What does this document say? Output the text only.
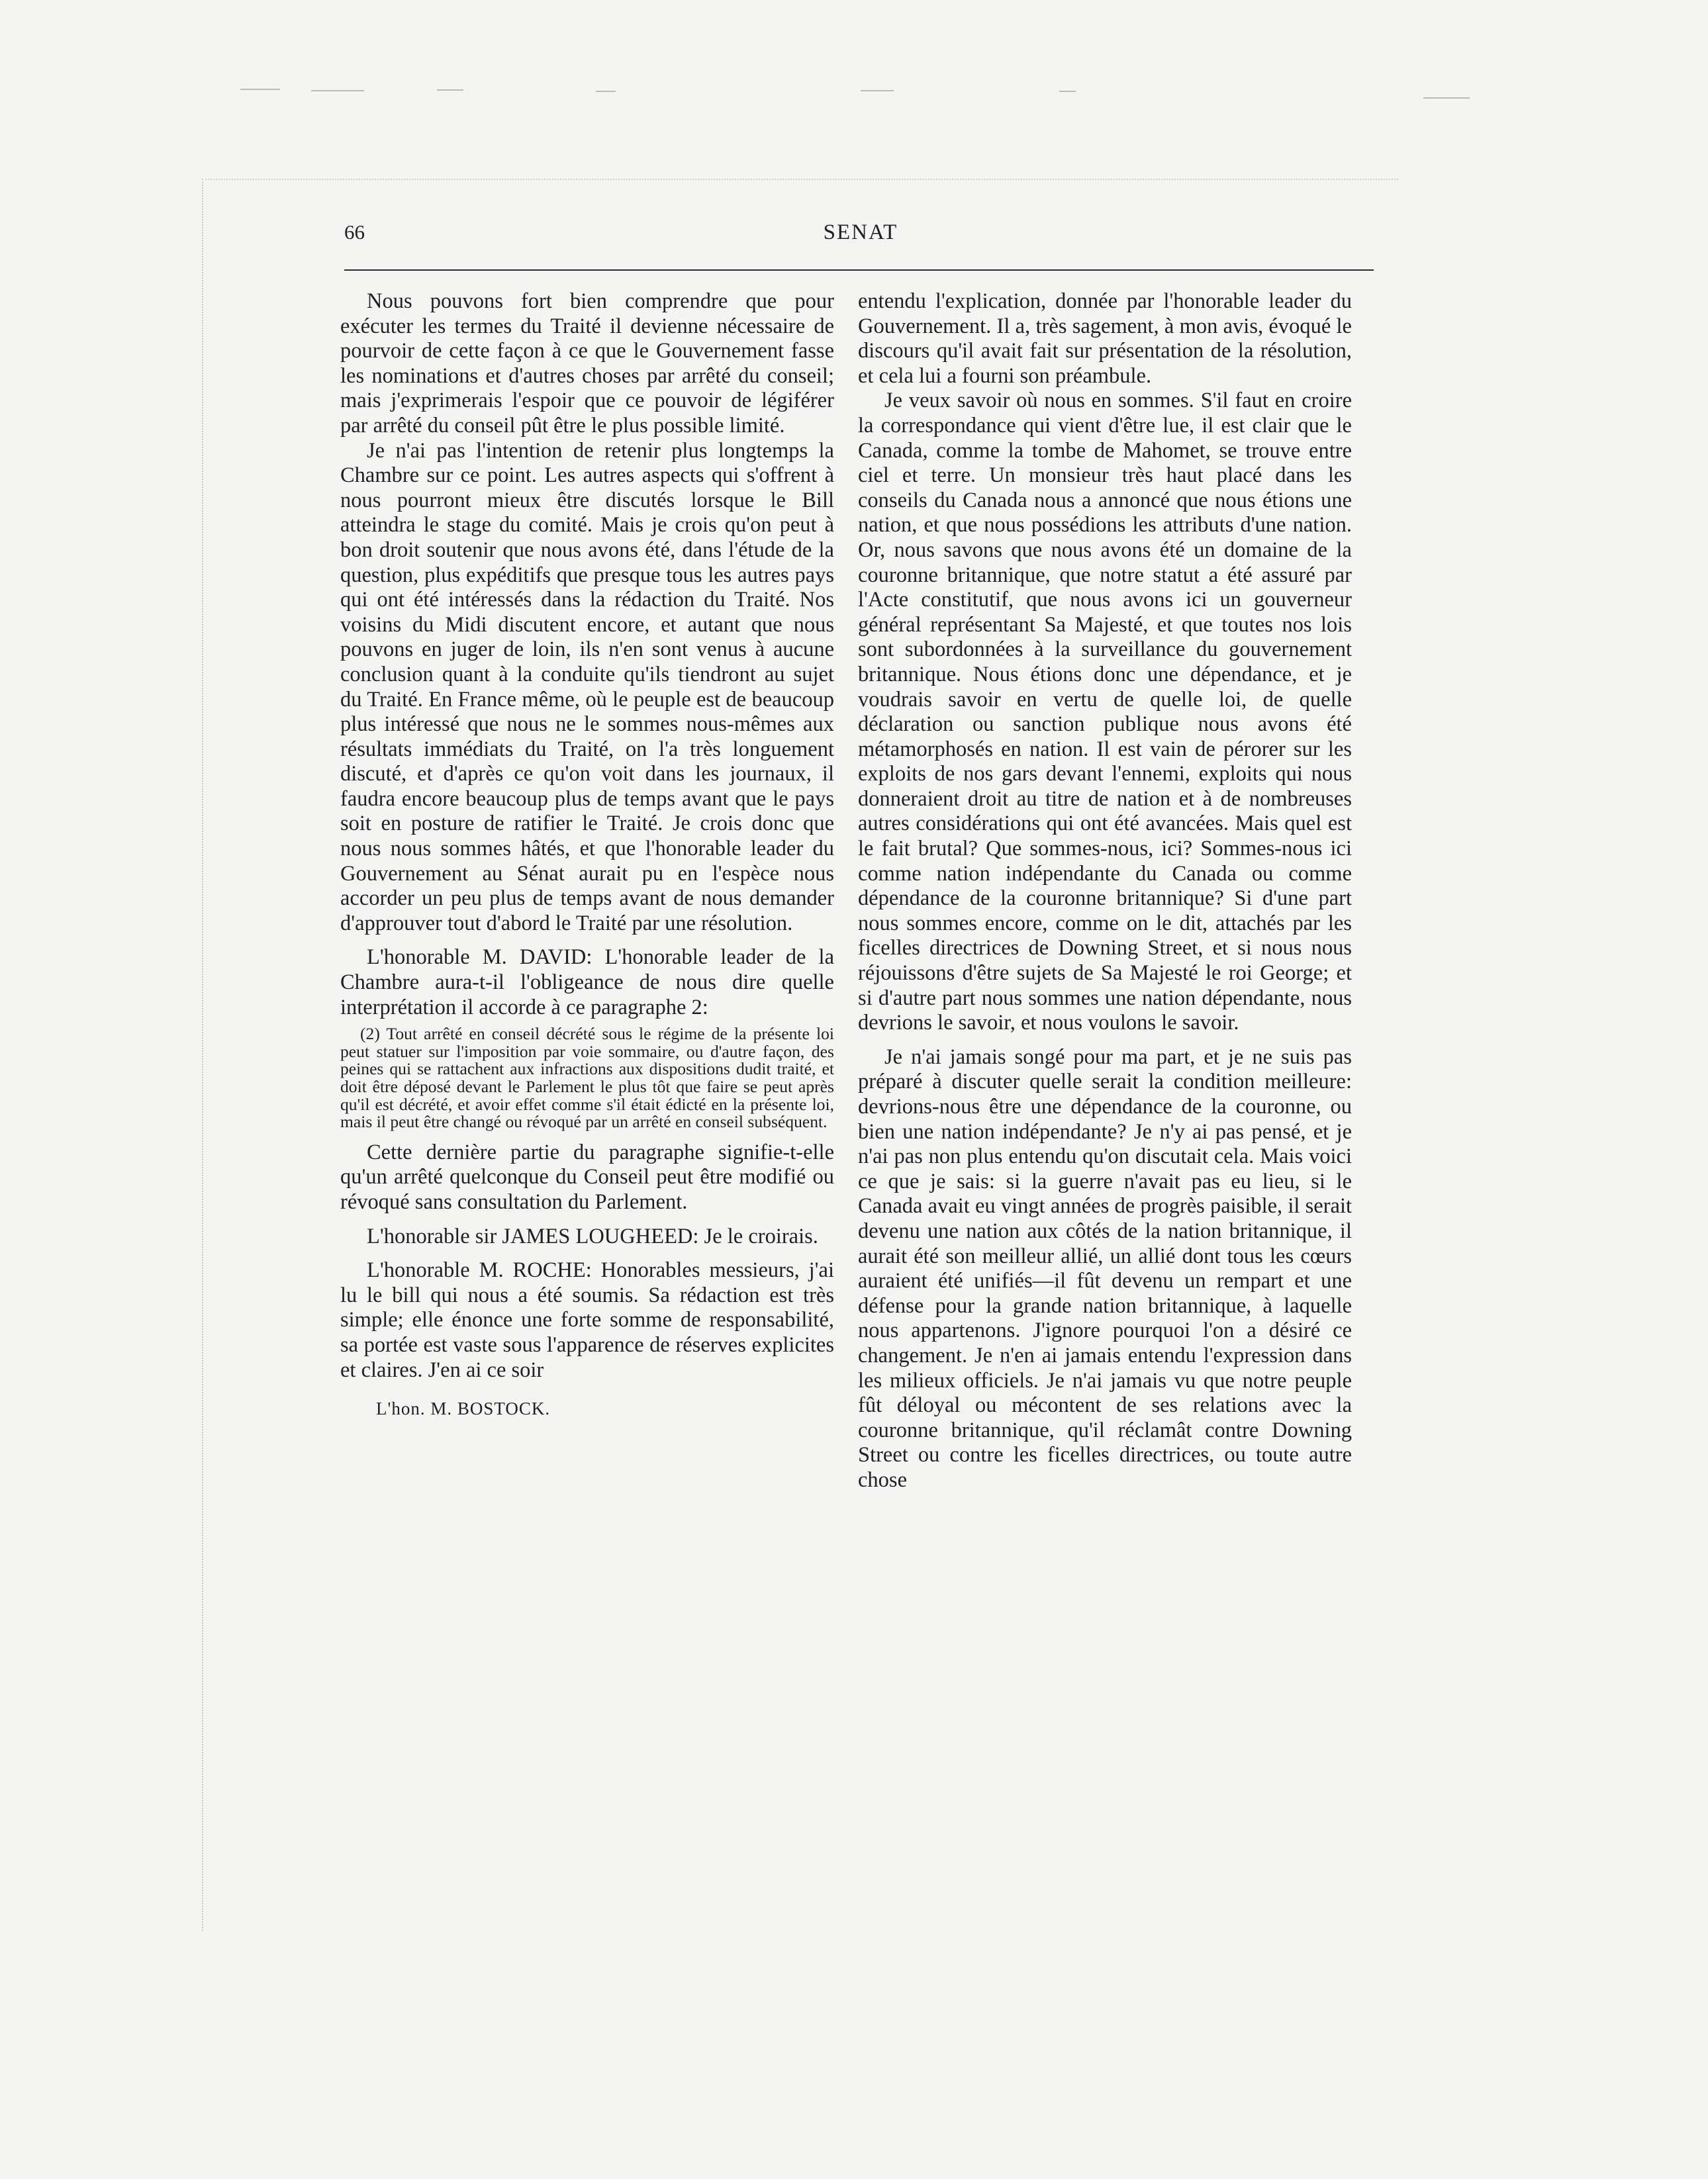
66	SENAT

Nous pouvons fort bien comprendre que pour exécuter les termes du Traité il devienne nécessaire de pourvoir de cette façon à ce que le Gouvernement fasse les nominations et d'autres choses par arrêté du conseil; mais j'exprimerais l'espoir que ce pouvoir de légiférer par arrêté du conseil pût être le plus possible limité.

Je n'ai pas l'intention de retenir plus longtemps la Chambre sur ce point. Les autres aspects qui s'offrent à nous pourront mieux être discutés lorsque le Bill atteindra le stage du comité. Mais je crois qu'on peut à bon droit soutenir que nous avons été, dans l'étude de la question, plus expéditifs que presque tous les autres pays qui ont été intéressés dans la rédaction du Traité. Nos voisins du Midi discutent encore, et autant que nous pouvons en juger de loin, ils n'en sont venus à aucune conclusion quant à la conduite qu'ils tiendront au sujet du Traité. En France même, où le peuple est de beaucoup plus intéressé que nous ne le sommes nous-mêmes aux résultats immédiats du Traité, on l'a très longuement discuté, et d'après ce qu'on voit dans les journaux, il faudra encore beaucoup plus de temps avant que le pays soit en posture de ratifier le Traité. Je crois donc que nous nous sommes hâtés, et que l'honorable leader du Gouvernement au Sénat aurait pu en l'espèce nous accorder un peu plus de temps avant de nous demander d'approuver tout d'abord le Traité par une résolution.

L'honorable M. DAVID: L'honorable leader de la Chambre aura-t-il l'obligeance de nous dire quelle interprétation il accorde à ce paragraphe 2:

(2) Tout arrêté en conseil décrété sous le régime de la présente loi peut statuer sur l'imposition par voie sommaire, ou d'autre façon, des peines qui se rattachent aux infractions aux dispositions dudit traité, et doit être déposé devant le Parlement le plus tôt que faire se peut après qu'il est décrété, et avoir effet comme s'il était édicté en la présente loi, mais il peut être changé ou révoqué par un arrêté en conseil subséquent.

Cette dernière partie du paragraphe signifie-t-elle qu'un arrêté quelconque du Conseil peut être modifié ou révoqué sans consultation du Parlement.

L'honorable sir JAMES LOUGHEED: Je le croirais.

L'honorable M. ROCHE: Honorables messieurs, j'ai lu le bill qui nous a été soumis. Sa rédaction est très simple; elle énonce une forte somme de responsabilité, sa portée est vaste sous l'apparence de réserves explicites et claires. J'en ai ce soir

entendu l'explication, donnée par l'honorable leader du Gouvernement. Il a, très sagement, à mon avis, évoqué le discours qu'il avait fait sur présentation de la résolution, et cela lui a fourni son préambule.

Je veux savoir où nous en sommes. S'il faut en croire la correspondance qui vient d'être lue, il est clair que le Canada, comme la tombe de Mahomet, se trouve entre ciel et terre. Un monsieur très haut placé dans les conseils du Canada nous a annoncé que nous étions une nation, et que nous possédions les attributs d'une nation. Or, nous savons que nous avons été un domaine de la couronne britannique, que notre statut a été assuré par l'Acte constitutif, que nous avons ici un gouverneur général représentant Sa Majesté, et que toutes nos lois sont subordonnées à la surveillance du gouvernement britannique. Nous étions donc une dépendance, et je voudrais savoir en vertu de quelle loi, de quelle déclaration ou sanction publique nous avons été métamorphosés en nation. Il est vain de pérorer sur les exploits de nos gars devant l'ennemi, exploits qui nous donneraient droit au titre de nation et à de nombreuses autres considérations qui ont été avancées. Mais quel est le fait brutal? Que sommes-nous, ici? Sommes-nous ici comme nation indépendante du Canada ou comme dépendance de la couronne britannique? Si d'une part nous sommes encore, comme on le dit, attachés par les ficelles directrices de Downing Street, et si nous nous réjouissons d'être sujets de Sa Majesté le roi George; et si d'autre part nous sommes une nation dépendante, nous devrions le savoir, et nous voulons le savoir.

Je n'ai jamais songé pour ma part, et je ne suis pas préparé à discuter quelle serait la condition meilleure: devrions-nous être une dépendance de la couronne, ou bien une nation indépendante? Je n'y ai pas pensé, et je n'ai pas non plus entendu qu'on discutait cela. Mais voici ce que je sais: si la guerre n'avait pas eu lieu, si le Canada avait eu vingt années de progrès paisible, il serait devenu une nation aux côtés de la nation britannique, il aurait été son meilleur allié, un allié dont tous les cœurs auraient été unifiés—il fût devenu un rempart et une défense pour la grande nation britannique, à laquelle nous appartenons. J'ignore pourquoi l'on a désiré ce changement. Je n'en ai jamais entendu l'expression dans les milieux officiels. Je n'ai jamais vu que notre peuple fût déloyal ou mécontent de ses relations avec la couronne britannique, qu'il réclamât contre Downing Street ou contre les ficelles directrices, ou toute autre chose

L'hon. M. BOSTOCK.
